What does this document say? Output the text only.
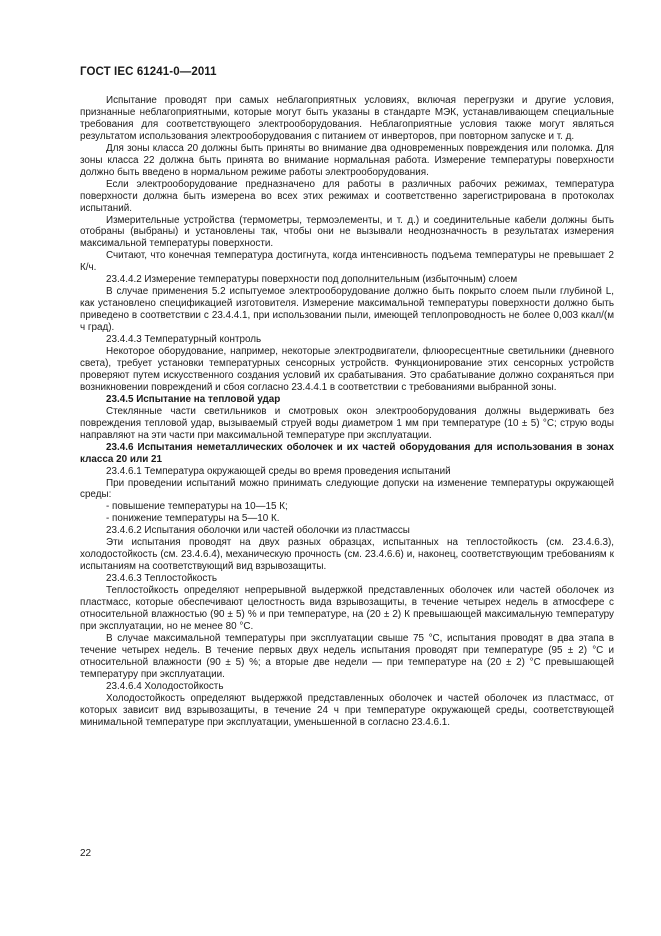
ГОСТ IEC 61241-0—2011

Испытание проводят при самых неблагоприятных условиях, включая перегрузки и другие условия, признанные неблагоприятными, которые могут быть указаны в стандарте МЭК, устанавливающем специальные требования для соответствующего электрооборудования. Неблагоприятные условия также могут являться результатом использования электрооборудования с питанием от инверторов, при повторном запуске и т. д.

Для зоны класса 20 должны быть приняты во внимание два одновременных повреждения или поломка. Для зоны класса 22 должна быть принята во внимание нормальная работа. Измерение температуры поверхности должно быть введено в нормальном режиме работы электрооборудования.

Если электрооборудование предназначено для работы в различных рабочих режимах, температура поверхности должна быть измерена во всех этих режимах и соответственно зарегистрирована в протоколах испытаний.

Измерительные устройства (термометры, термоэлементы, и т. д.) и соединительные кабели должны быть отобраны (выбраны) и установлены так, чтобы они не вызывали неоднозначность в результатах измерения максимальной температуры поверхности.

Считают, что конечная температура достигнута, когда интенсивность подъема температуры не превышает 2 К/ч.

23.4.4.2 Измерение температуры поверхности под дополнительным (избыточным) слоем

В случае применения 5.2 испытуемое электрооборудование должно быть покрыто слоем пыли глубиной L, как установлено спецификацией изготовителя. Измерение максимальной температуры поверхности должно быть приведено в соответствии с 23.4.4.1, при использовании пыли, имеющей теплопроводность не более 0,003 ккал/(м ч град).

23.4.4.3 Температурный контроль

Некоторое оборудование, например, некоторые электродвигатели, флюоресцентные светильники (дневного света), требует установки температурных сенсорных устройств. Функционирование этих сенсорных устройств проверяют путем искусственного создания условий их срабатывания. Это срабатывание должно сохраняться при возникновении повреждений и сбоя согласно 23.4.4.1 в соответствии с требованиями выбранной зоны.

23.4.5 Испытание на тепловой удар

Стеклянные части светильников и смотровых окон электрооборудования должны выдерживать без повреждения тепловой удар, вызываемый струей воды диаметром 1 мм при температуре (10 ± 5) °С; струю воды направляют на эти части при максимальной температуре при эксплуатации.

23.4.6 Испытания неметаллических оболочек и их частей оборудования для использования в зонах класса 20 или 21

23.4.6.1 Температура окружающей среды во время проведения испытаний

При проведении испытаний можно принимать следующие допуски на изменение температуры окружающей среды:

- повышение температуры на 10—15 К;

- понижение температуры на 5—10 К.

23.4.6.2 Испытания оболочки или частей оболочки из пластмассы

Эти испытания проводят на двух разных образцах, испытанных на теплостойкость (см. 23.4.6.3), холодостойкость (см. 23.4.6.4), механическую прочность (см. 23.4.6.6) и, наконец, соответствующим требованиям к испытаниям на соответствующий вид взрывозащиты.

23.4.6.3 Теплостойкость

Теплостойкость определяют непрерывной выдержкой представленных оболочек или частей оболочек из пластмасс, которые обеспечивают целостность вида взрывозащиты, в течение четырех недель в атмосфере с относительной влажностью (90 ± 5) % и при температуре, на (20 ± 2) К превышающей максимальную температуру при эксплуатации, но не менее 80 °С.

В случае максимальной температуры при эксплуатации свыше 75 °С, испытания проводят в два этапа в течение четырех недель. В течение первых двух недель испытания проводят при температуре (95 ± 2) °С и относительной влажности (90 ± 5) %; а вторые две недели — при температуре на (20 ± 2) °С превышающей температуру при эксплуатации.

23.4.6.4 Холодостойкость

Холодостойкость определяют выдержкой представленных оболочек и частей оболочек из пластмасс, от которых зависит вид взрывозащиты, в течение 24 ч при температуре окружающей среды, соответствующей минимальной температуре при эксплуатации, уменьшенной в согласно 23.4.6.1.

22
